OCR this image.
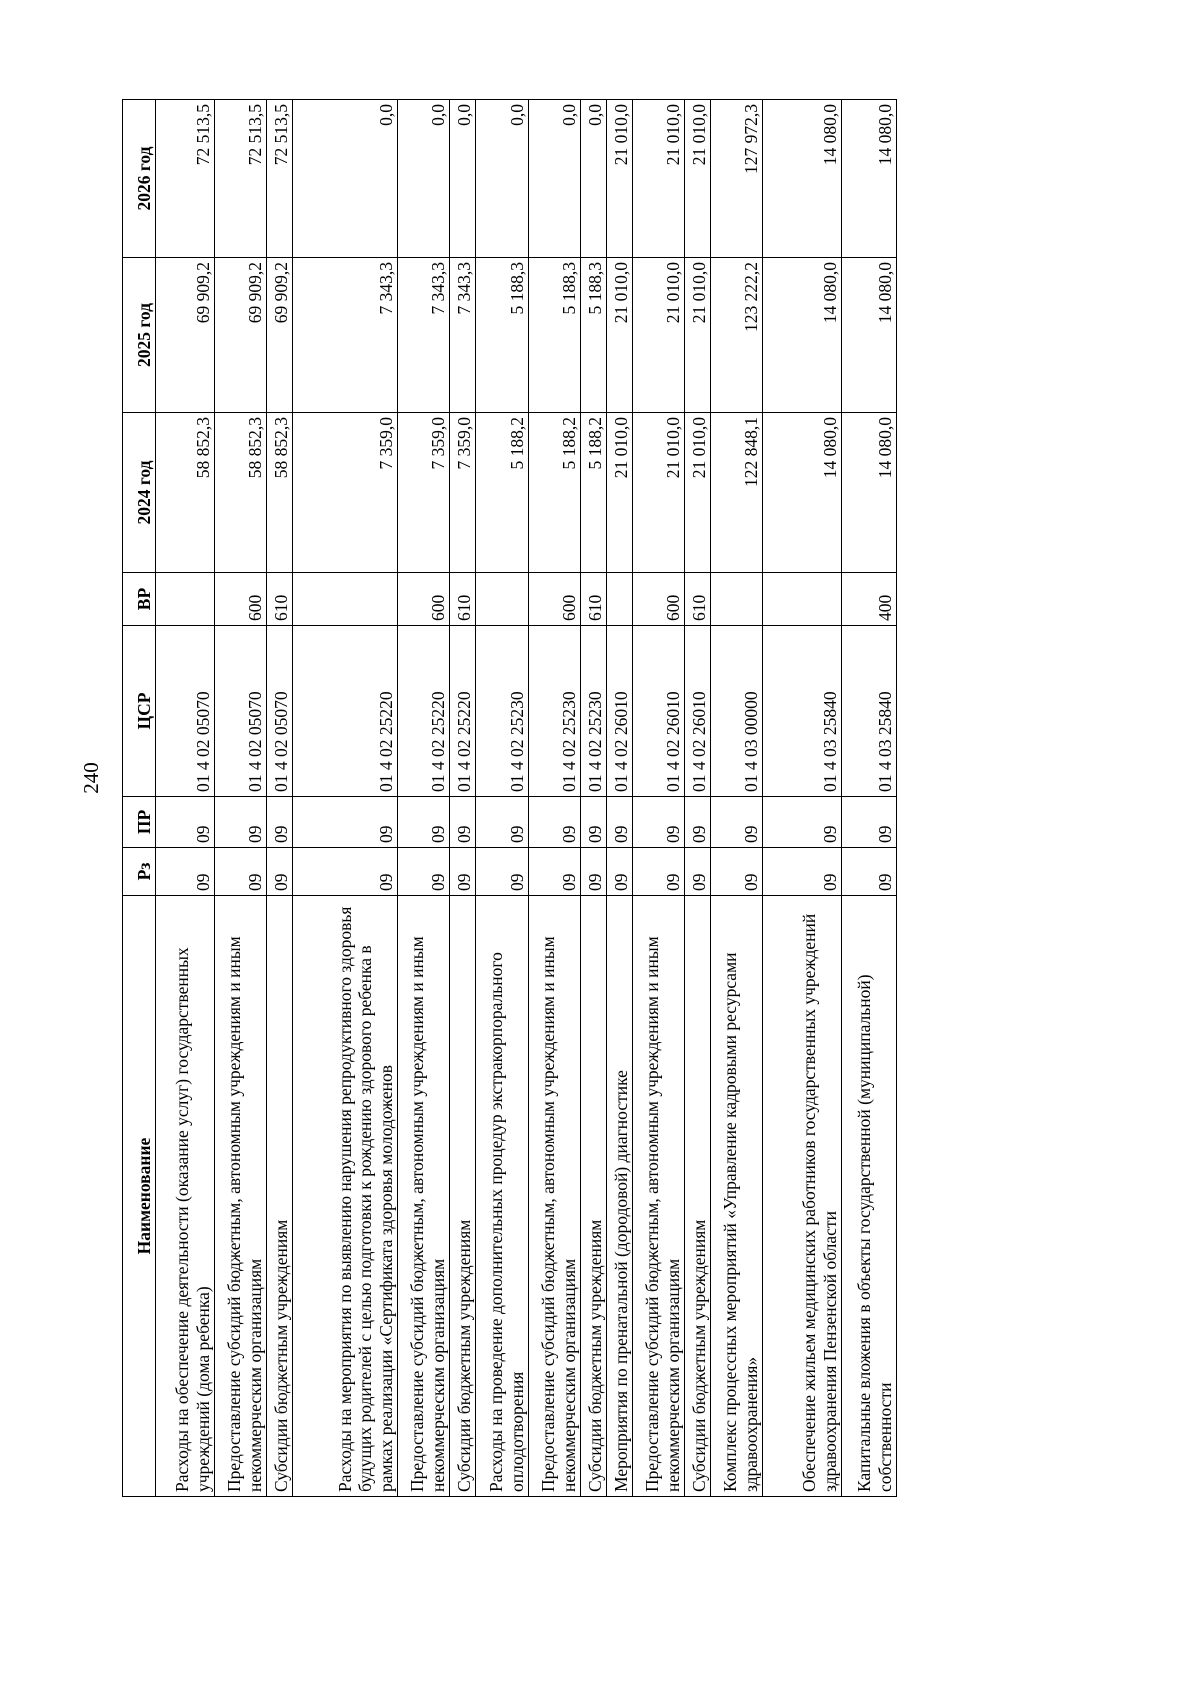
240
Наименование	Рз	ПР	ЦСР	ВР	2024 год	2025 год	2026 год
Расходы на обеспечение деятельности (оказание услуг) государственных учреждений (дома ребенка)	09	09	01 4 02 05070		58 852,3	69 909,2	72 513,5
Предоставление субсидий бюджетным, автономным учреждениям и иным некоммерческим организациям	09	09	01 4 02 05070	600	58 852,3	69 909,2	72 513,5
Субсидии бюджетным учреждениям	09	09	01 4 02 05070	610	58 852,3	69 909,2	72 513,5
Расходы на мероприятия по выявлению нарушения репродуктивного здоровья будущих родителей с целью подготовки к рождению здорового ребенка в рамках реализации «Сертификата здоровья молодоженов	09	09	01 4 02 25220		7 359,0	7 343,3	0,0
Предоставление субсидий бюджетным, автономным учреждениям и иным некоммерческим организациям	09	09	01 4 02 25220	600	7 359,0	7 343,3	0,0
Субсидии бюджетным учреждениям	09	09	01 4 02 25220	610	7 359,0	7 343,3	0,0
Расходы на проведение дополнительных процедур экстракорпорального оплодотворения	09	09	01 4 02 25230		5 188,2	5 188,3	0,0
Предоставление субсидий бюджетным, автономным учреждениям и иным некоммерческим организациям	09	09	01 4 02 25230	600	5 188,2	5 188,3	0,0
Субсидии бюджетным учреждениям	09	09	01 4 02 25230	610	5 188,2	5 188,3	0,0
Мероприятия по пренатальной (дородовой) диагностике	09	09	01 4 02 26010		21 010,0	21 010,0	21 010,0
Предоставление субсидий бюджетным, автономным учреждениям и иным некоммерческим организациям	09	09	01 4 02 26010	600	21 010,0	21 010,0	21 010,0
Субсидии бюджетным учреждениям	09	09	01 4 02 26010	610	21 010,0	21 010,0	21 010,0
Комплекс процессных мероприятий «Управление кадровыми ресурсами здравоохранения»	09	09	01 4 03 00000		122 848,1	123 222,2	127 972,3
Обеспечение жильем медицинских работников государственных учреждений здравоохранения Пензенской области	09	09	01 4 03 25840		14 080,0	14 080,0	14 080,0
Капитальные вложения в объекты государственной (муниципальной) собственности	09	09	01 4 03 25840	400	14 080,0	14 080,0	14 080,0
